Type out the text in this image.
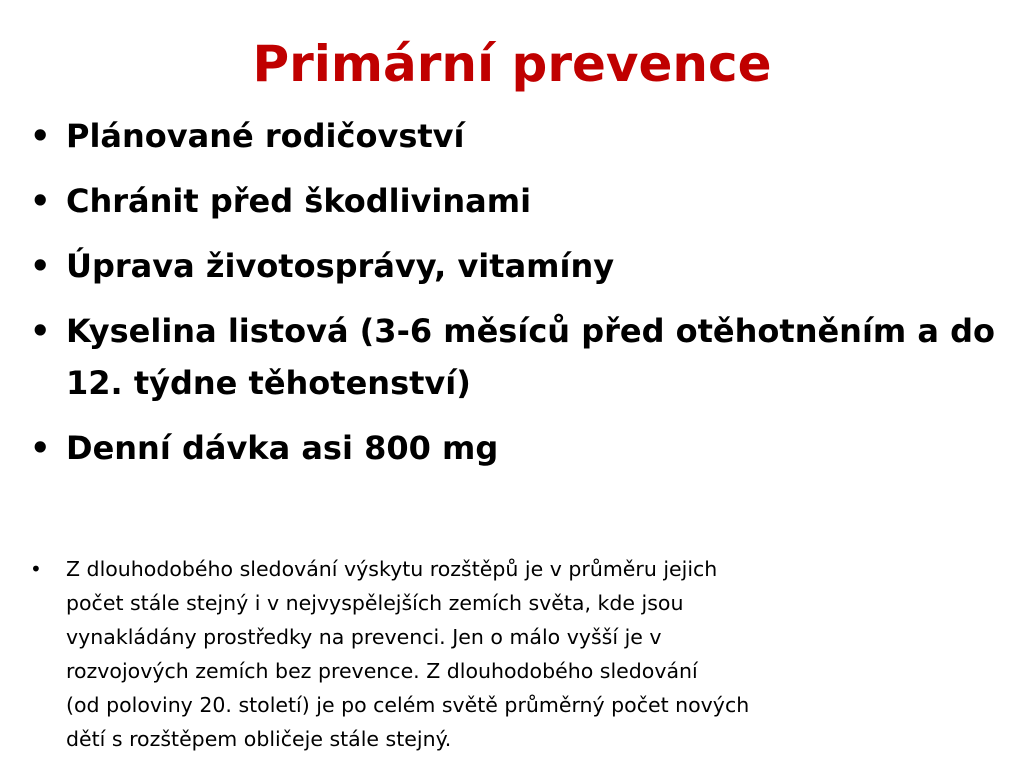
Primární prevence
• Plánované rodičovství
• Chránit před škodlivinami
• Úprava životosprávy, vitamíny
• Kyselina listová (3-6 měsíců před otěhotněním a do 12. týdne těhotenství)
• Denní dávka asi 800 mg
• Z dlouhodobého sledování výskytu rozštěpů je v průměru jejich
počet stále stejný i v nejvyspělejších zemích světa, kde jsou
vynakládány prostředky na prevenci. Jen o málo vyšší je v
rozvojových zemích bez prevence. Z dlouhodobého sledování
(od poloviny 20. století) je po celém světě průměrný počet nových
dětí s rozštěpem obličeje stále stejný.
